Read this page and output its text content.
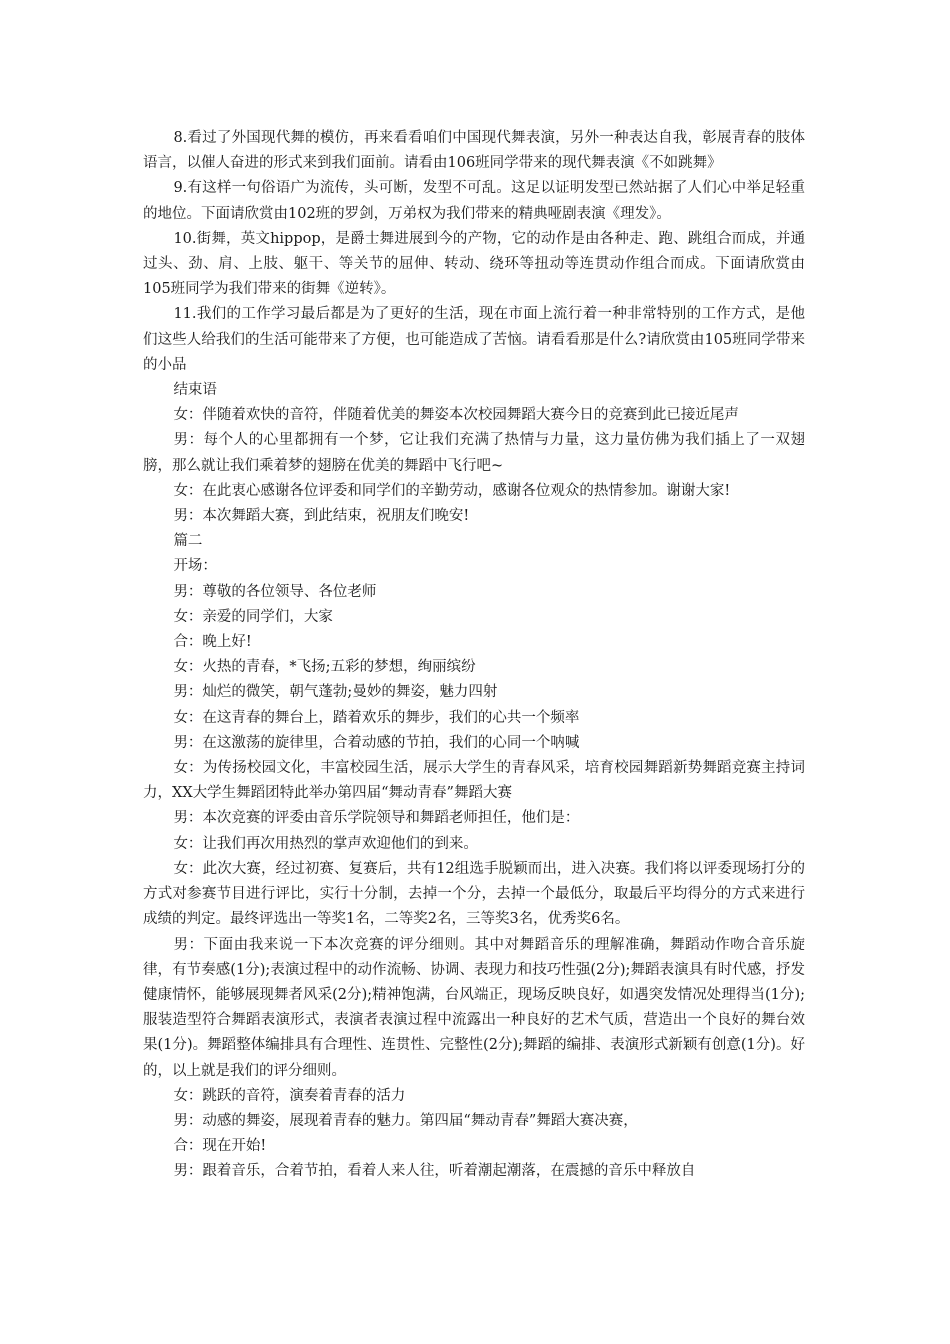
8.看过了外国现代舞的模仿，再来看看咱们中国现代舞表演，另外一种表达自我，彰展青春的肢体语言，以催人奋进的形式来到我们面前。请看由106班同学带来的现代舞表演《不如跳舞》

9.有这样一句俗语广为流传，头可断，发型不可乱。这足以证明发型已然站据了人们心中举足轻重的地位。下面请欣赏由102班的罗剑，万弟权为我们带来的精典哑剧表演《理发》。

10.街舞，英文hippop，是爵士舞进展到今的产物，它的动作是由各种走、跑、跳组合而成，并通过头、劲、肩、上肢、躯干、等关节的屈伸、转动、绕环等扭动等连贯动作组合而成。下面请欣赏由105班同学为我们带来的街舞《逆转》。

11.我们的工作学习最后都是为了更好的生活，现在市面上流行着一种非常特别的工作方式，是他们这些人给我们的生活可能带来了方便，也可能造成了苦恼。请看看那是什么?请欣赏由105班同学带来的小品

结束语

女：伴随着欢快的音符，伴随着优美的舞姿本次校园舞蹈大赛今日的竞赛到此已接近尾声

男：每个人的心里都拥有一个梦，它让我们充满了热情与力量，这力量仿佛为我们插上了一双翅膀，那么就让我们乘着梦的翅膀在优美的舞蹈中飞行吧~

女：在此衷心感谢各位评委和同学们的辛勤劳动，感谢各位观众的热情参加。谢谢大家!

男：本次舞蹈大赛，到此结束，祝朋友们晚安!

篇二

开场：

男：尊敬的各位领导、各位老师

女：亲爱的同学们，大家

合：晚上好!

女：火热的青春，*飞扬;五彩的梦想，绚丽缤纷

男：灿烂的微笑，朝气蓬勃;曼妙的舞姿，魅力四射

女：在这青春的舞台上，踏着欢乐的舞步，我们的心共一个频率

男：在这激荡的旋律里，合着动感的节拍，我们的心同一个呐喊

女：为传扬校园文化，丰富校园生活，展示大学生的青春风采，培育校园舞蹈新势舞蹈竞赛主持词力，XX大学生舞蹈团特此举办第四届“舞动青春”舞蹈大赛

男：本次竞赛的评委由音乐学院领导和舞蹈老师担任，他们是：

女：让我们再次用热烈的掌声欢迎他们的到来。

女：此次大赛，经过初赛、复赛后，共有12组选手脱颖而出，进入决赛。我们将以评委现场打分的方式对参赛节目进行评比，实行十分制，去掉一个分，去掉一个最低分，取最后平均得分的方式来进行成绩的判定。最终评选出一等奖1名，二等奖2名，三等奖3名，优秀奖6名。

男：下面由我来说一下本次竞赛的评分细则。其中对舞蹈音乐的理解准确，舞蹈动作吻合音乐旋律，有节奏感(1分);表演过程中的动作流畅、协调、表现力和技巧性强(2分);舞蹈表演具有时代感，抒发健康情怀，能够展现舞者风采(2分);精神饱满，台风端正，现场反映良好，如遇突发情况处理得当(1分);服装造型符合舞蹈表演形式，表演者表演过程中流露出一种良好的艺术气质，营造出一个良好的舞台效果(1分)。舞蹈整体编排具有合理性、连贯性、完整性(2分);舞蹈的编排、表演形式新颖有创意(1分)。好的，以上就是我们的评分细则。

女：跳跃的音符，演奏着青春的活力

男：动感的舞姿，展现着青春的魅力。第四届“舞动青春”舞蹈大赛决赛，

合：现在开始!

男：跟着音乐，合着节拍，看着人来人往，听着潮起潮落，在震撼的音乐中释放自
